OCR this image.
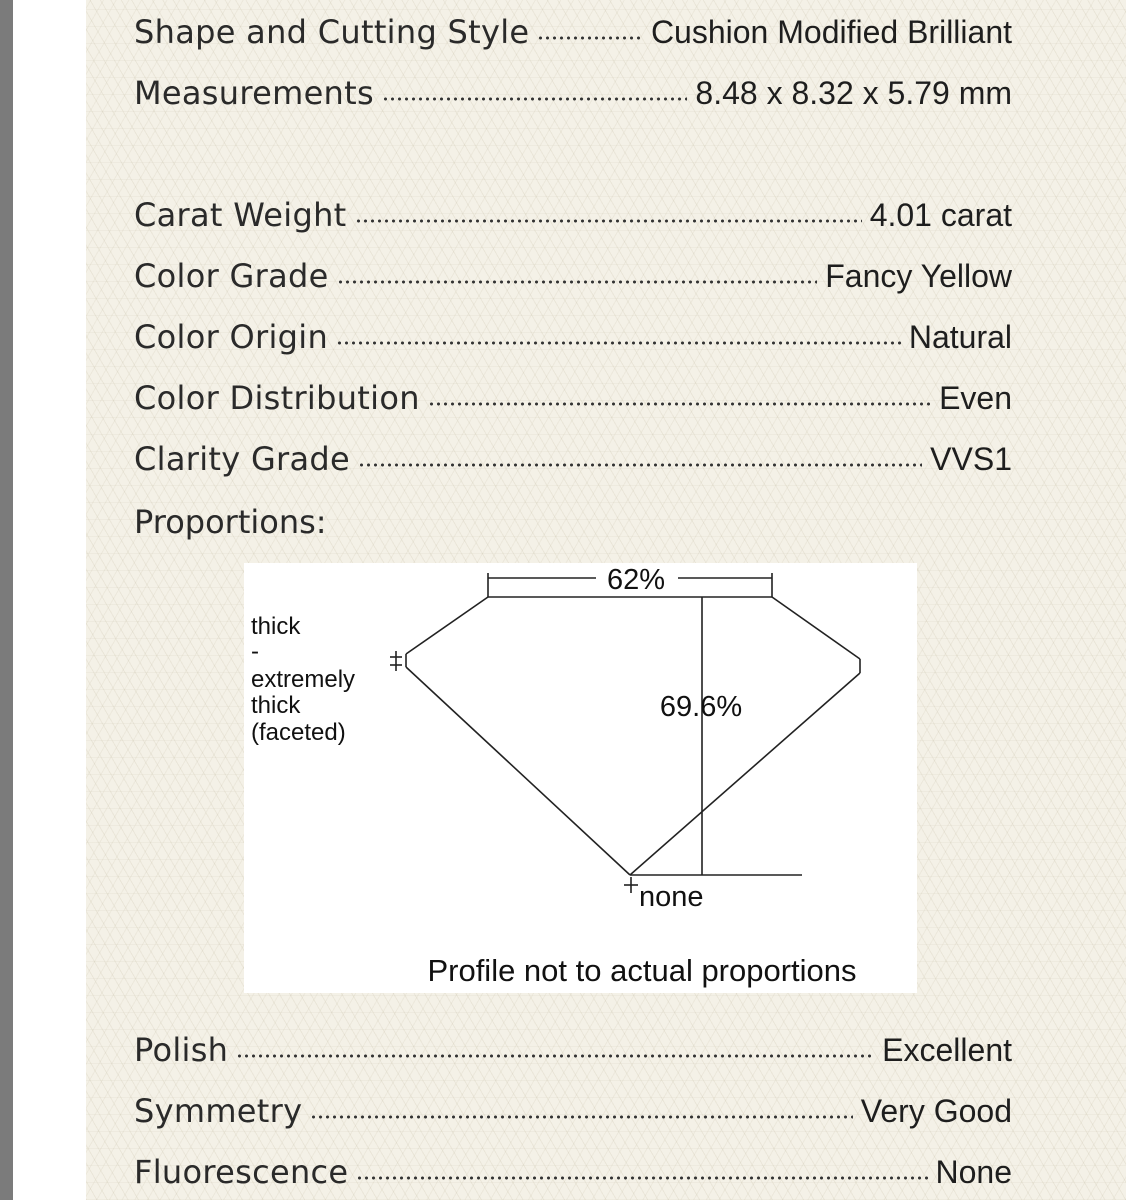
Shape and Cutting Style	Cushion Modified Brilliant
Measurements	8.48 x 8.32 x 5.79 mm
Carat Weight	4.01 carat
Color Grade	Fancy Yellow
Color Origin	Natural
Color Distribution	Even
Clarity Grade	VVS1
Proportions:
62%
69.6%
thick
-
extremely
thick
(faceted)
none
Profile not to actual proportions
Polish	Excellent
Symmetry	Very Good
Fluorescence	None
